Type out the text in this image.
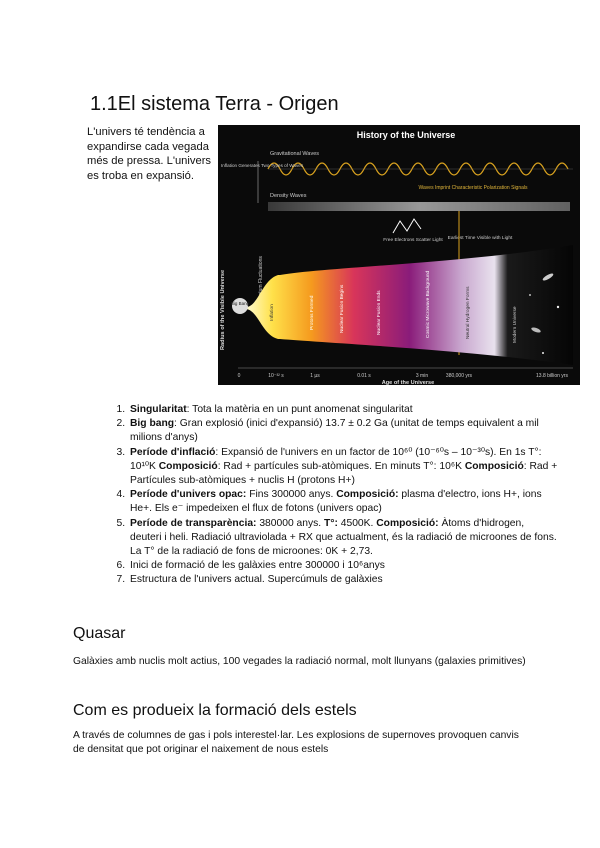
1.1El sistema Terra - Origen

L'univers té tendència a expandirse cada vegada més de pressa. L'univers es troba en expansió.

History of the Universe
Gravitational Waves
Inflation Generates Two Types of Waves
Density Waves
Waves Imprint Characteristic Polarization Signals
Free Electrons Scatter Light Earliest Time Visible with Light
Radius of the Visible Universe	Quantum Fluctuations
Big Bang
Inflation	Protons Formed	Nuclear Fusion Begins	Nuclear Fusion Ends	Cosmic Microwave Background	Neutral Hydrogen Forms	Modern Universe
0	10⁻³² s	1 µs	0.01 s	3 min	380,000 yrs	13.8 billion yrs
Age of the Universe
1. Singularitat: Tota la matèria en un punt anomenat singularitat
2. Big bang: Gran explosió (inici d'expansió) 13.7 ± 0.2 Ga (unitat de temps equivalent a mil milions d'anys)
3. Període d'inflació: Expansió de l'univers en un factor de 10⁶⁰ (10⁻⁶⁰s – 10⁻³⁰s). En 1s T°: 10¹⁰K Composició: Rad + partícules sub-atòmiques. En minuts T°: 10⁶K Composició: Rad + Partícules sub-atòmiques + nuclis H (protons H+)
4. Període d'univers opac: Fins 300000 anys. Composició: plasma d'electro, ions H+, ions He+. Els e⁻ impedeixen el flux de fotons (univers opac)
5. Període de transparència: 380000 anys. T°: 4500K. Composició: Àtoms d'hidrogen, deuteri i heli. Radiació ultraviolada + RX que actualment, és la radiació de microones de fons. La T° de la radiació de fons de microones: 0K + 2,73.
6. Inici de formació de les galàxies entre 300000 i 10⁶anys
7. Estructura de l'univers actual. Supercúmuls de galàxies
Quasar

Galàxies amb nuclis molt actius, 100 vegades la radiació normal, molt llunyans (galaxies primitives)

Com es produeix la formació dels estels

A través de columnes de gas i pols interestel·lar. Les explosions de supernoves provoquen canvis de densitat que pot originar el naixement de nous estels
